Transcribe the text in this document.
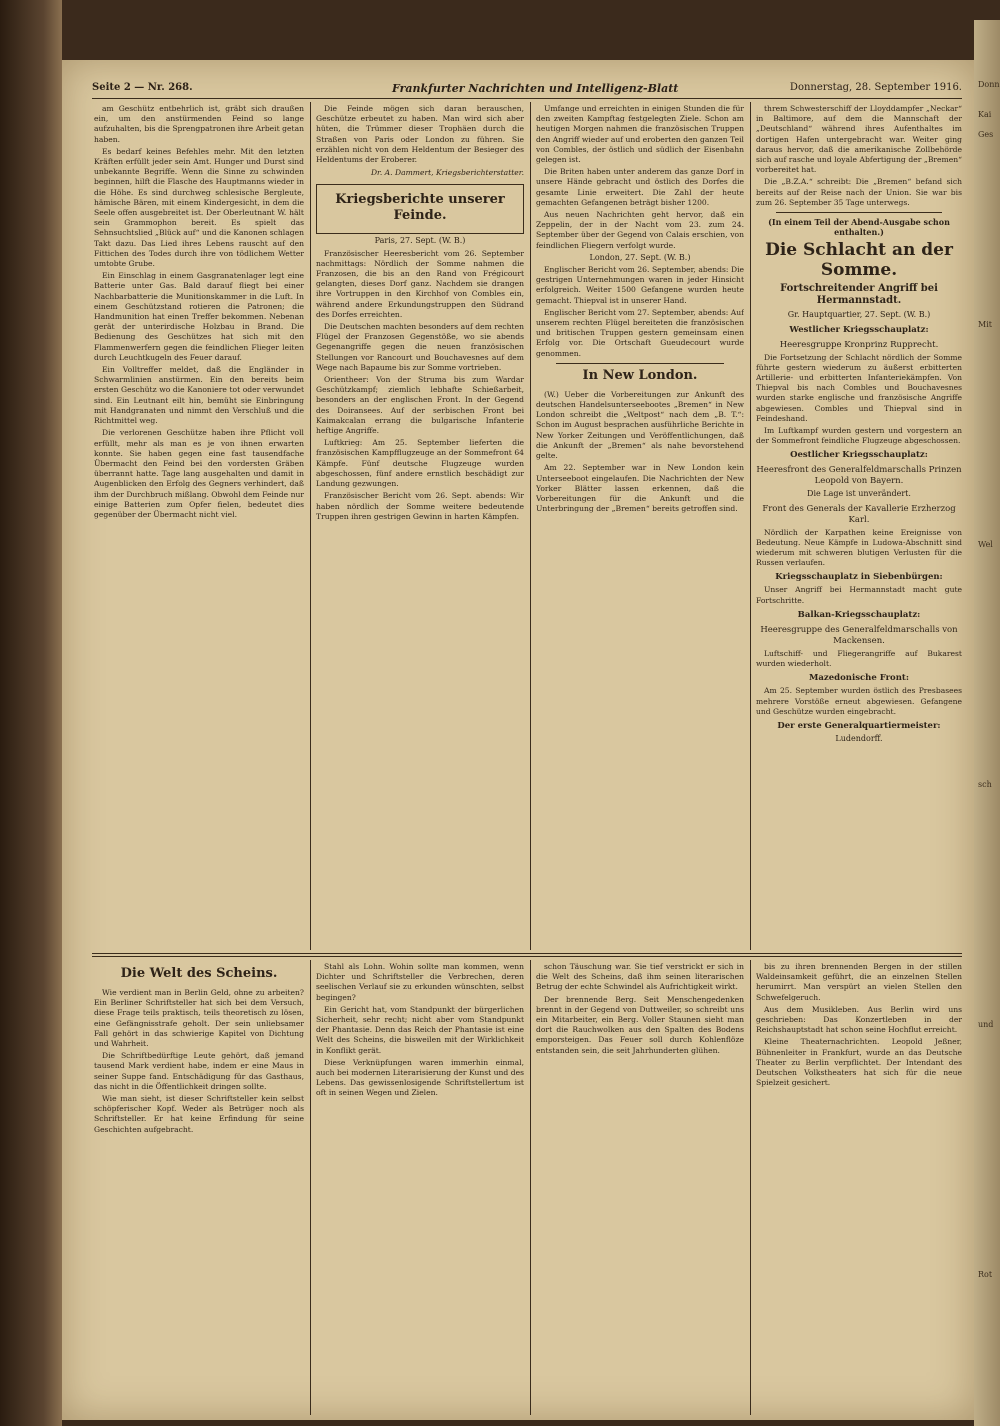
Donn
Kai
Ges
Mit
Wel
sch
und
Rot
Seite 2 — Nr. 268.	Frankfurter Nachrichten und Intelligenz-Blatt	Donnerstag, 28. September 1916.

am Geschütz entbehrlich ist, gräbt sich draußen ein, um den anstürmenden Feind so lange aufzuhalten, bis die Sprengpatronen ihre Arbeit getan haben.

Es bedarf keines Befehles mehr. Mit den letzten Kräften erfüllt jeder sein Amt. Hunger und Durst sind unbekannte Begriffe. Wenn die Sinne zu schwinden beginnen, hilft die Flasche des Hauptmanns wieder in die Höhe. Es sind durchweg schlesische Bergleute, hämische Bären, mit einem Kindergesicht, in dem die Seele offen ausgebreitet ist. Der Oberleutnant W. hält sein Grammophon bereit. Es spielt das Sehnsuchtslied „Blück auf“ und die Kanonen schlagen Takt dazu. Das Lied ihres Lebens rauscht auf den Fittichen des Todes durch ihre von tödlichem Wetter umtobte Grube.

Ein Einschlag in einem Gasgranatenlager legt eine Batterie unter Gas. Bald darauf fliegt bei einer Nachbarbatterie die Munitionskammer in die Luft. In einem Geschützstand rotieren die Patronen; die Handmunition hat einen Treffer bekommen. Nebenan gerät der unterirdische Holzbau in Brand. Die Bedienung des Geschützes hat sich mit den Flammenwerfern gegen die feindlichen Flieger leiten durch Leuchtkugeln des Feuer darauf.

Ein Volltreffer meldet, daß die Engländer in Schwarmlinien anstürmen. Ein den bereits beim ersten Geschütz wo die Kanoniere tot oder verwundet sind. Ein Leutnant eilt hin, bemüht sie Einbringung mit Handgranaten und nimmt den Verschluß und die Richtmittel weg.

Die verlorenen Geschütze haben ihre Pflicht voll erfüllt, mehr als man es je von ihnen erwarten konnte. Sie haben gegen eine fast tausendfache Übermacht den Feind bei den vordersten Gräben überrannt hatte. Tage lang ausgehalten und damit in Augenblicken den Erfolg des Gegners verhindert, daß ihm der Durchbruch mißlang. Obwohl dem Feinde nur einige Batterien zum Opfer fielen, bedeutet dies gegenüber der Übermacht nicht viel.

Die Feinde mögen sich daran berauschen, Geschütze erbeutet zu haben. Man wird sich aber hüten, die Trümmer dieser Trophäen durch die Straßen von Paris oder London zu führen. Sie erzählen nicht von dem Heldentum der Besieger des Heldentums der Eroberer.

Dr. A. Dammert, Kriegsberichterstatter.
Kriegsberichte unserer Feinde.
Paris, 27. Sept. (W. B.)

Französischer Heeresbericht vom 26. September nachmittags: Nördlich der Somme nahmen die Franzosen, die bis an den Rand von Frégicourt gelangten, dieses Dorf ganz. Nachdem sie drangen ihre Vortruppen in den Kirchhof von Combles ein, während andere Erkundungstruppen den Südrand des Dorfes erreichten.

Die Deutschen machten besonders auf dem rechten Flügel der Franzosen Gegenstöße, wo sie abends Gegenangriffe gegen die neuen französischen Stellungen vor Rancourt und Bouchavesnes auf dem Wege nach Bapaume bis zur Somme vortrieben.

Orientheer: Von der Struma bis zum Wardar Geschützkampf; ziemlich lebhafte Schießarbeit, besonders an der englischen Front. In der Gegend des Doiransees. Auf der serbischen Front bei Kaimakcalan errang die bulgarische Infanterie heftige Angriffe.

Luftkrieg: Am 25. September lieferten die französischen Kampfflugzeuge an der Sommefront 64 Kämpfe. Fünf deutsche Flugzeuge wurden abgeschossen, fünf andere ernstlich beschädigt zur Landung gezwungen.

Französischer Bericht vom 26. Sept. abends: Wir haben nördlich der Somme weitere bedeutende Truppen ihren gestrigen Gewinn in harten Kämpfen.

Umfange und erreichten in einigen Stunden die für den zweiten Kampftag festgelegten Ziele. Schon am heutigen Morgen nahmen die französischen Truppen den Angriff wieder auf und eroberten den ganzen Teil von Combles, der östlich und südlich der Eisenbahn gelegen ist.

Die Briten haben unter anderem das ganze Dorf in unsere Hände gebracht und östlich des Dorfes die gesamte Linie erweitert. Die Zahl der heute gemachten Gefangenen beträgt bisher 1200.

Aus neuen Nachrichten geht hervor, daß ein Zeppelin, der in der Nacht vom 23. zum 24. September über der Gegend von Calais erschien, von feindlichen Fliegern verfolgt wurde.

London, 27. Sept. (W. B.)

Englischer Bericht vom 26. September, abends: Die gestrigen Unternehmungen waren in jeder Hinsicht erfolgreich. Weiter 1500 Gefangene wurden heute gemacht. Thiepval ist in unserer Hand.

Englischer Bericht vom 27. September, abends: Auf unserem rechten Flügel bereiteten die französischen und britischen Truppen gestern gemeinsam einen Erfolg vor. Die Ortschaft Gueudecourt wurde genommen.

In New London.

(W.) Ueber die Vorbereitungen zur Ankunft des deutschen Handelsunterseebootes „Bremen“ in New London schreibt die „Weltpost“ nach dem „B. T.“: Schon im August besprachen ausführliche Berichte in New Yorker Zeitungen und Veröffentlichungen, daß die Ankunft der „Bremen“ als nahe bevorstehend gelte.

Am 22. September war in New London kein Unterseeboot eingelaufen. Die Nachrichten der New Yorker Blätter lassen erkennen, daß die Vorbereitungen für die Ankunft und die Unterbringung der „Bremen“ bereits getroffen sind.

threm Schwesterschiff der Lloyddampfer „Neckar“ in Baltimore, auf dem die Mannschaft der „Deutschland“ während ihres Aufenthaltes im dortigen Hafen untergebracht war. Weiter ging daraus hervor, daß die amerikanische Zollbehörde sich auf rasche und loyale Abfertigung der „Bremen“ vorbereitet hat.

Die „B.Z.A.“ schreibt: Die „Bremen“ befand sich bereits auf der Reise nach der Union. Sie war bis zum 26. September 35 Tage unterwegs.

(In einem Teil der Abend-Ausgabe schon enthalten.)
Die Schlacht an der Somme.
Fortschreitender Angriff bei Hermannstadt.
Gr. Hauptquartier, 27. Sept. (W. B.)
Westlicher Kriegsschauplatz:
Heeresgruppe Kronprinz Rupprecht.

Die Fortsetzung der Schlacht nördlich der Somme führte gestern wiederum zu äußerst erbitterten Artillerie- und erbitterten Infanteriekämpfen. Von Thiepval bis nach Combles und Bouchavesnes wurden starke englische und französische Angriffe abgewiesen. Combles und Thiepval sind in Feindeshand.

Im Luftkampf wurden gestern und vorgestern an der Sommefront feindliche Flugzeuge abgeschossen.

Oestlicher Kriegsschauplatz:
Heeresfront des Generalfeldmarschalls Prinzen Leopold von Bayern.
Die Lage ist unverändert.
Front des Generals der Kavallerie Erzherzog Karl.

Nördlich der Karpathen keine Ereignisse von Bedeutung. Neue Kämpfe in Ludowa-Abschnitt sind wiederum mit schweren blutigen Verlusten für die Russen verlaufen.

Kriegsschauplatz in Siebenbürgen:

Unser Angriff bei Hermannstadt macht gute Fortschritte.

Balkan-Kriegsschauplatz:
Heeresgruppe des Generalfeldmarschalls von Mackensen.

Luftschiff- und Fliegerangriffe auf Bukarest wurden wiederholt.

Mazedonische Front:

Am 25. September wurden östlich des Presbasees mehrere Vorstöße erneut abgewiesen. Gefangene und Geschütze wurden eingebracht.

Der erste Generalquartiermeister:
Ludendorff.
Die Welt des Scheins.

Wie verdient man in Berlin Geld, ohne zu arbeiten? Ein Berliner Schriftsteller hat sich bei dem Versuch, diese Frage teils praktisch, teils theoretisch zu lösen, eine Gefängnisstrafe geholt. Der sein unliebsamer Fall gehört in das schwierige Kapitel von Dichtung und Wahrheit.

Die Schriftbedürftige Leute gehört, daß jemand tausend Mark verdient habe, indem er eine Maus in seiner Suppe fand. Entschädigung für das Gasthaus, das nicht in die Öffentlichkeit dringen sollte.

Wie man sieht, ist dieser Schriftsteller kein selbst schöpferischer Kopf. Weder als Betrüger noch als Schriftsteller. Er hat keine Erfindung für seine Geschichten aufgebracht.

Stahl als Lohn. Wohin sollte man kommen, wenn Dichter und Schriftsteller die Verbrechen, deren seelischen Verlauf sie zu erkunden wünschten, selbst begingen?

Ein Gericht hat, vom Standpunkt der bürgerlichen Sicherheit, sehr recht; nicht aber vom Standpunkt der Phantasie. Denn das Reich der Phantasie ist eine Welt des Scheins, die bisweilen mit der Wirklichkeit in Konflikt gerät.

Diese Verknüpfungen waren immerhin einmal, auch bei modernen Literarisierung der Kunst und des Lebens. Das gewissenlosigende Schriftstellertum ist oft in seinen Wegen und Zielen.

schon Täuschung war. Sie tief verstrickt er sich in die Welt des Scheins, daß ihm seinen literarischen Betrug der echte Schwindel als Aufrichtigkeit wirkt.

Der brennende Berg. Seit Menschengedenken brennt in der Gegend von Duttweiler, so schreibt uns ein Mitarbeiter, ein Berg. Voller Staunen sieht man dort die Rauchwolken aus den Spalten des Bodens emporsteigen. Das Feuer soll durch Kohlenflöze entstanden sein, die seit Jahrhunderten glühen.

bis zu ihren brennenden Bergen in der stillen Waldeinsamkeit geführt, die an einzelnen Stellen herumirrt. Man verspürt an vielen Stellen den Schwefelgeruch.

Aus dem Musikleben. Aus Berlin wird uns geschrieben: Das Konzertleben in der Reichshauptstadt hat schon seine Hochflut erreicht.

Kleine Theaternachrichten. Leopold Jeßner, Bühnenleiter in Frankfurt, wurde an das Deutsche Theater zu Berlin verpflichtet. Der Intendant des Deutschen Volkstheaters hat sich für die neue Spielzeit gesichert.
